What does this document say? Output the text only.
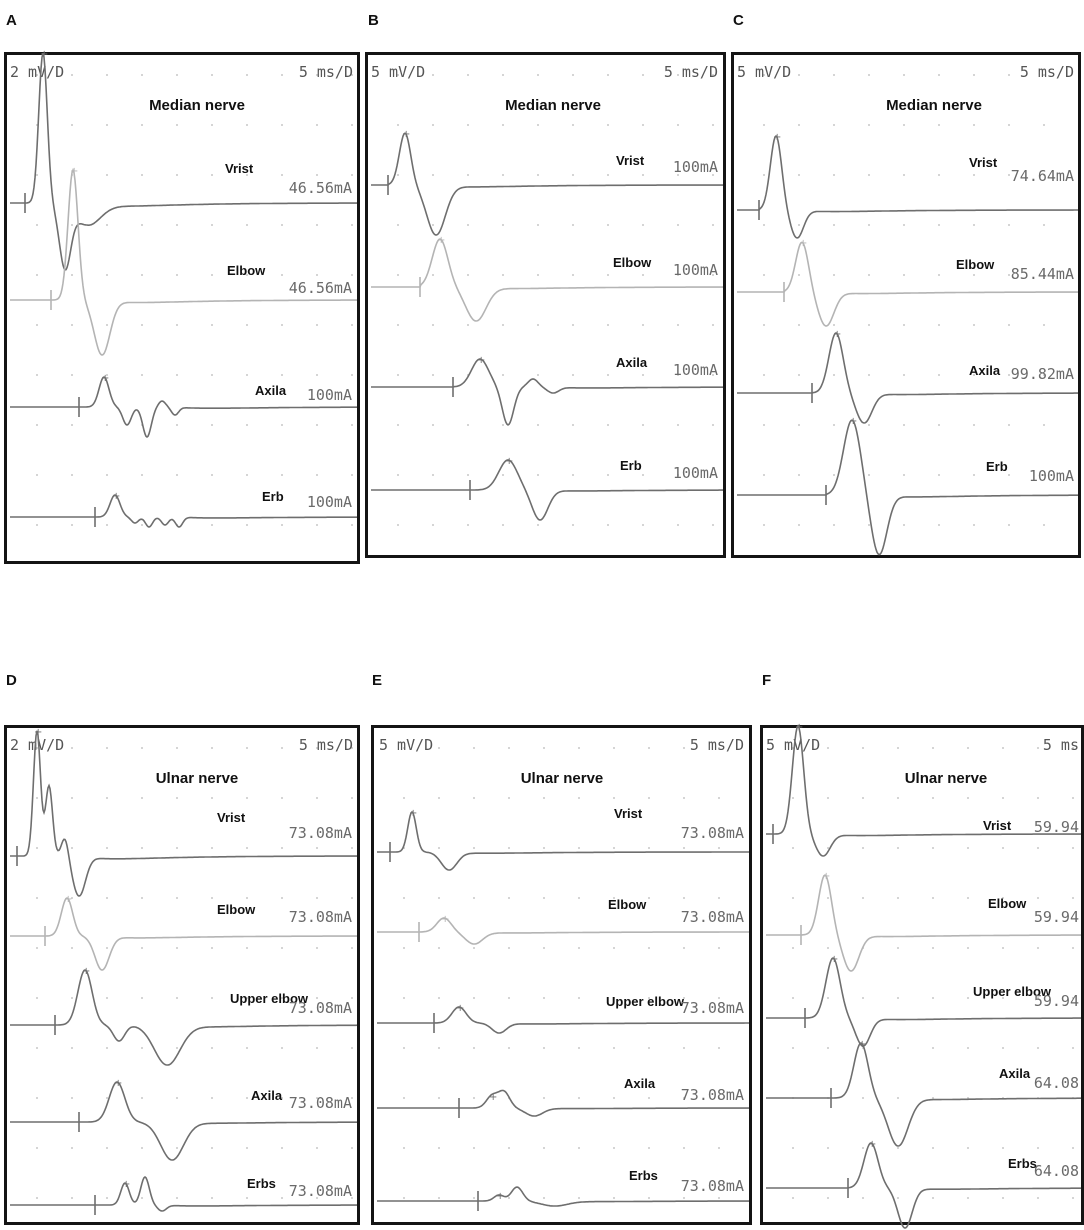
A	B	C
D	E	F
2 mV/D	5 ms/D
Median nerve
+
Vrist
46.56mA
+
Elbow
46.56mA
+
Axila 100mA
+	Erb 100mA
5 mV/D	5 ms/D
Median nerve
+
Vrist 100mA
+
Elbow 100mA
+	Axila 100mA
+	Erb 100mA
5 mV/D	5 ms/D
Median nerve
+
Vrist
74.64mA
+
Elbow
85.44mA
+
Axila 99.82mA
+
Erb
100mA
2 mV/D	5 ms/D
Ulnar nerve
+
Vrist
73.08mA
+
Elbow 73.08mA
+
Upper elbow
73.08mA
+
Axila 73.08mA
+	Erbs 73.08mA
5 mV/D	5 ms/D
Ulnar nerve
+	Vrist
73.08mA
+
Elbow
73.08mA
+	Upper elbow
73.08mA
+
Axila
73.08mA
+
Erbs
73.08mA
5 mV/D	5 ms
Ulnar nerve
+
Vrist 59.94
+
Elbow
59.94
+
Upper elbow
59.94
+
Axila
64.08
+
Erbs
64.08
